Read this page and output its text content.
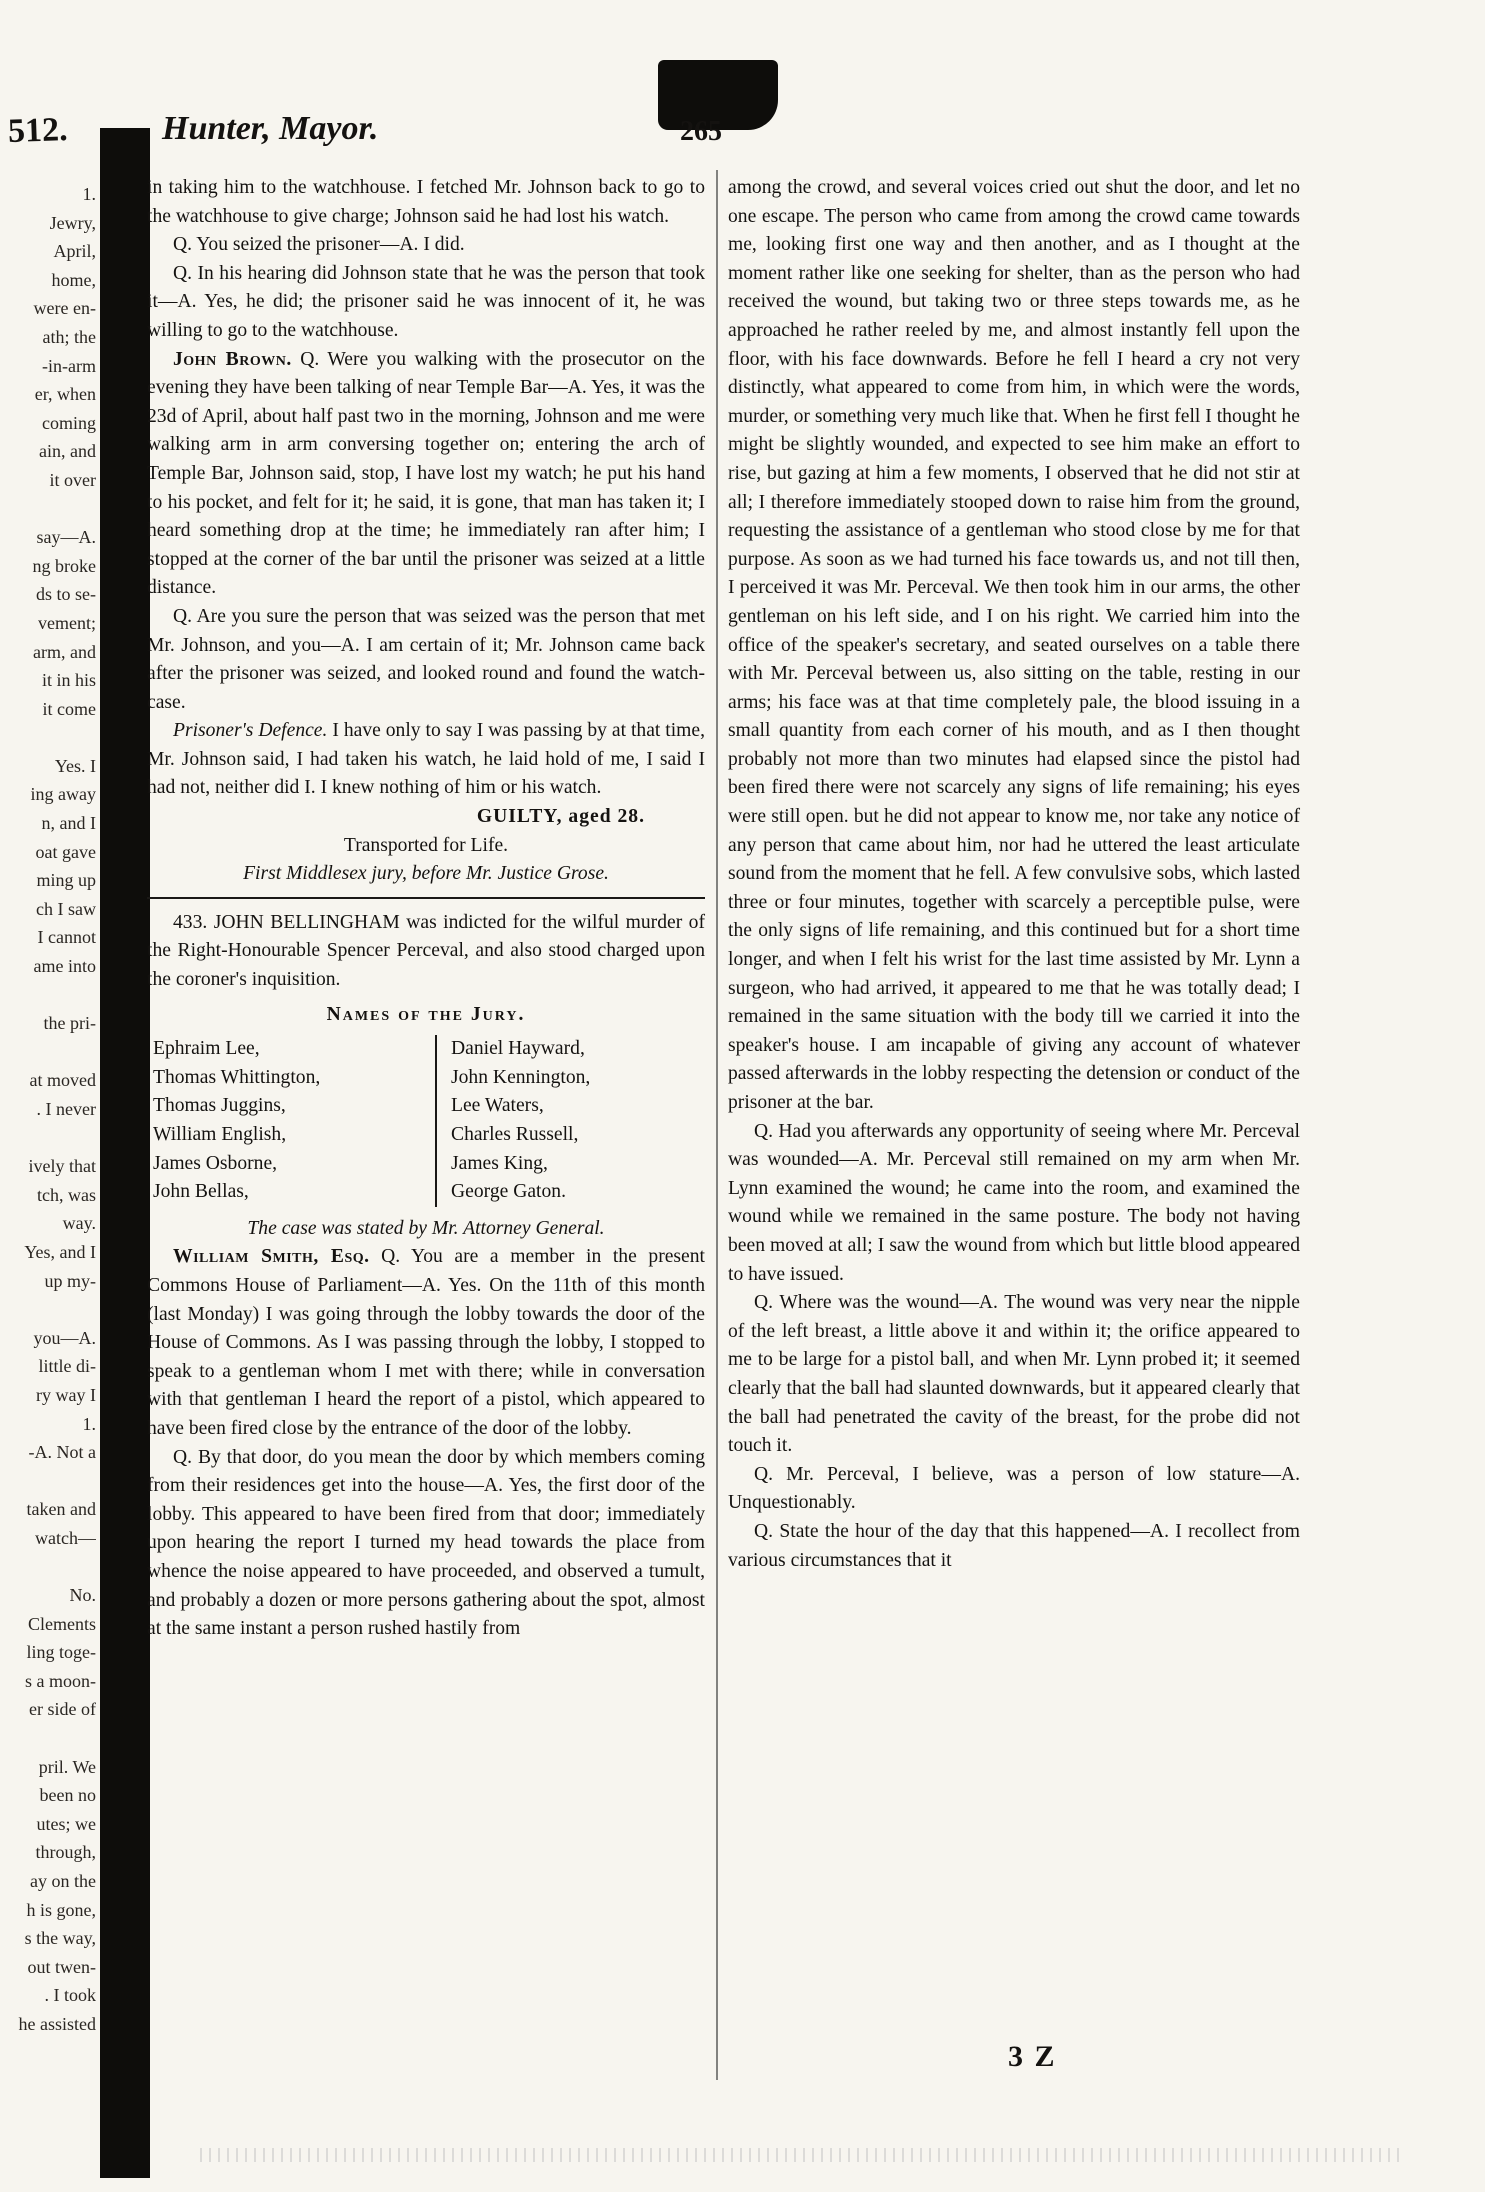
512.
1.
Jewry,
April,
home,
were en-
ath; the
-in-arm
er, when
coming
ain, and
it over

say—A.
ng broke
ds to se-
vement;
arm, and
it in his
it come

Yes. I
ing away
n, and I
oat gave
ming up
ch I saw
I cannot
ame into

the pri-

at moved
. I never

ively that
tch, was
way.
Yes, and I
up my-

you—A.
little di-
ry way I
1.
-A. Not a

taken and
watch—

No.
Clements
ling toge-
s a moon-
er side of

pril. We
been no
utes; we
through,
ay on the
h is gone,
s the way,
out twen-
. I took
he assisted
Hunter, Mayor.	265

in taking him to the watchhouse. I fetched Mr. Johnson back to go to the watchhouse to give charge; Johnson said he had lost his watch.

Q. You seized the prisoner—A. I did.

Q. In his hearing did Johnson state that he was the person that took it—A. Yes, he did; the prisoner said he was innocent of it, he was willing to go to the watchhouse.

John Brown. Q. Were you walking with the prosecutor on the evening they have been talking of near Temple Bar—A. Yes, it was the 23d of April, about half past two in the morning, Johnson and me were walking arm in arm conversing together on; entering the arch of Temple Bar, Johnson said, stop, I have lost my watch; he put his hand to his pocket, and felt for it; he said, it is gone, that man has taken it; I heard something drop at the time; he immediately ran after him; I stopped at the corner of the bar until the prisoner was seized at a little distance.

Q. Are you sure the person that was seized was the person that met Mr. Johnson, and you—A. I am certain of it; Mr. Johnson came back after the prisoner was seized, and looked round and found the watch-case.

Prisoner's Defence. I have only to say I was passing by at that time, Mr. Johnson said, I had taken his watch, he laid hold of me, I said I had not, neither did I. I knew nothing of him or his watch.

GUILTY, aged 28.

Transported for Life.

First Middlesex jury, before Mr. Justice Grose.

433. JOHN BELLINGHAM was indicted for the wilful murder of the Right-Honourable Spencer Perceval, and also stood charged upon the coroner's inquisition.

Names of the Jury.
Ephraim Lee,
Thomas Whittington,
Thomas Juggins,
William English,
James Osborne,
John Bellas,
Daniel Hayward,
John Kennington,
Lee Waters,
Charles Russell,
James King,
George Gaton.

The case was stated by Mr. Attorney General.

William Smith, Esq. Q. You are a member in the present Commons House of Parliament—A. Yes. On the 11th of this month (last Monday) I was going through the lobby towards the door of the House of Commons. As I was passing through the lobby, I stopped to speak to a gentleman whom I met with there; while in conversation with that gentleman I heard the report of a pistol, which appeared to have been fired close by the entrance of the door of the lobby.

Q. By that door, do you mean the door by which members coming from their residences get into the house—A. Yes, the first door of the lobby. This appeared to have been fired from that door; immediately upon hearing the report I turned my head towards the place from whence the noise appeared to have proceeded, and observed a tumult, and probably a dozen or more persons gathering about the spot, almost at the same instant a person rushed hastily from

among the crowd, and several voices cried out shut the door, and let no one escape. The person who came from among the crowd came towards me, looking first one way and then another, and as I thought at the moment rather like one seeking for shelter, than as the person who had received the wound, but taking two or three steps towards me, as he approached he rather reeled by me, and almost instantly fell upon the floor, with his face downwards. Before he fell I heard a cry not very distinctly, what appeared to come from him, in which were the words, murder, or something very much like that. When he first fell I thought he might be slightly wounded, and expected to see him make an effort to rise, but gazing at him a few moments, I observed that he did not stir at all; I therefore immediately stooped down to raise him from the ground, requesting the assistance of a gentleman who stood close by me for that purpose. As soon as we had turned his face towards us, and not till then, I perceived it was Mr. Perceval. We then took him in our arms, the other gentleman on his left side, and I on his right. We carried him into the office of the speaker's secretary, and seated ourselves on a table there with Mr. Perceval between us, also sitting on the table, resting in our arms; his face was at that time completely pale, the blood issuing in a small quantity from each corner of his mouth, and as I then thought probably not more than two minutes had elapsed since the pistol had been fired there were not scarcely any signs of life remaining; his eyes were still open. but he did not appear to know me, nor take any notice of any person that came about him, nor had he uttered the least articulate sound from the moment that he fell. A few convulsive sobs, which lasted three or four minutes, together with scarcely a perceptible pulse, were the only signs of life remaining, and this continued but for a short time longer, and when I felt his wrist for the last time assisted by Mr. Lynn a surgeon, who had arrived, it appeared to me that he was totally dead; I remained in the same situation with the body till we carried it into the speaker's house. I am incapable of giving any account of whatever passed afterwards in the lobby respecting the detension or conduct of the prisoner at the bar.

Q. Had you afterwards any opportunity of seeing where Mr. Perceval was wounded—A. Mr. Perceval still remained on my arm when Mr. Lynn examined the wound; he came into the room, and examined the wound while we remained in the same posture. The body not having been moved at all; I saw the wound from which but little blood appeared to have issued.

Q. Where was the wound—A. The wound was very near the nipple of the left breast, a little above it and within it; the orifice appeared to me to be large for a pistol ball, and when Mr. Lynn probed it; it seemed clearly that the ball had slaunted downwards, but it appeared clearly that the ball had penetrated the cavity of the breast, for the probe did not touch it.

Q. Mr. Perceval, I believe, was a person of low stature—A. Unquestionably.

Q. State the hour of the day that this happened—A. I recollect from various circumstances that it

3 Z
